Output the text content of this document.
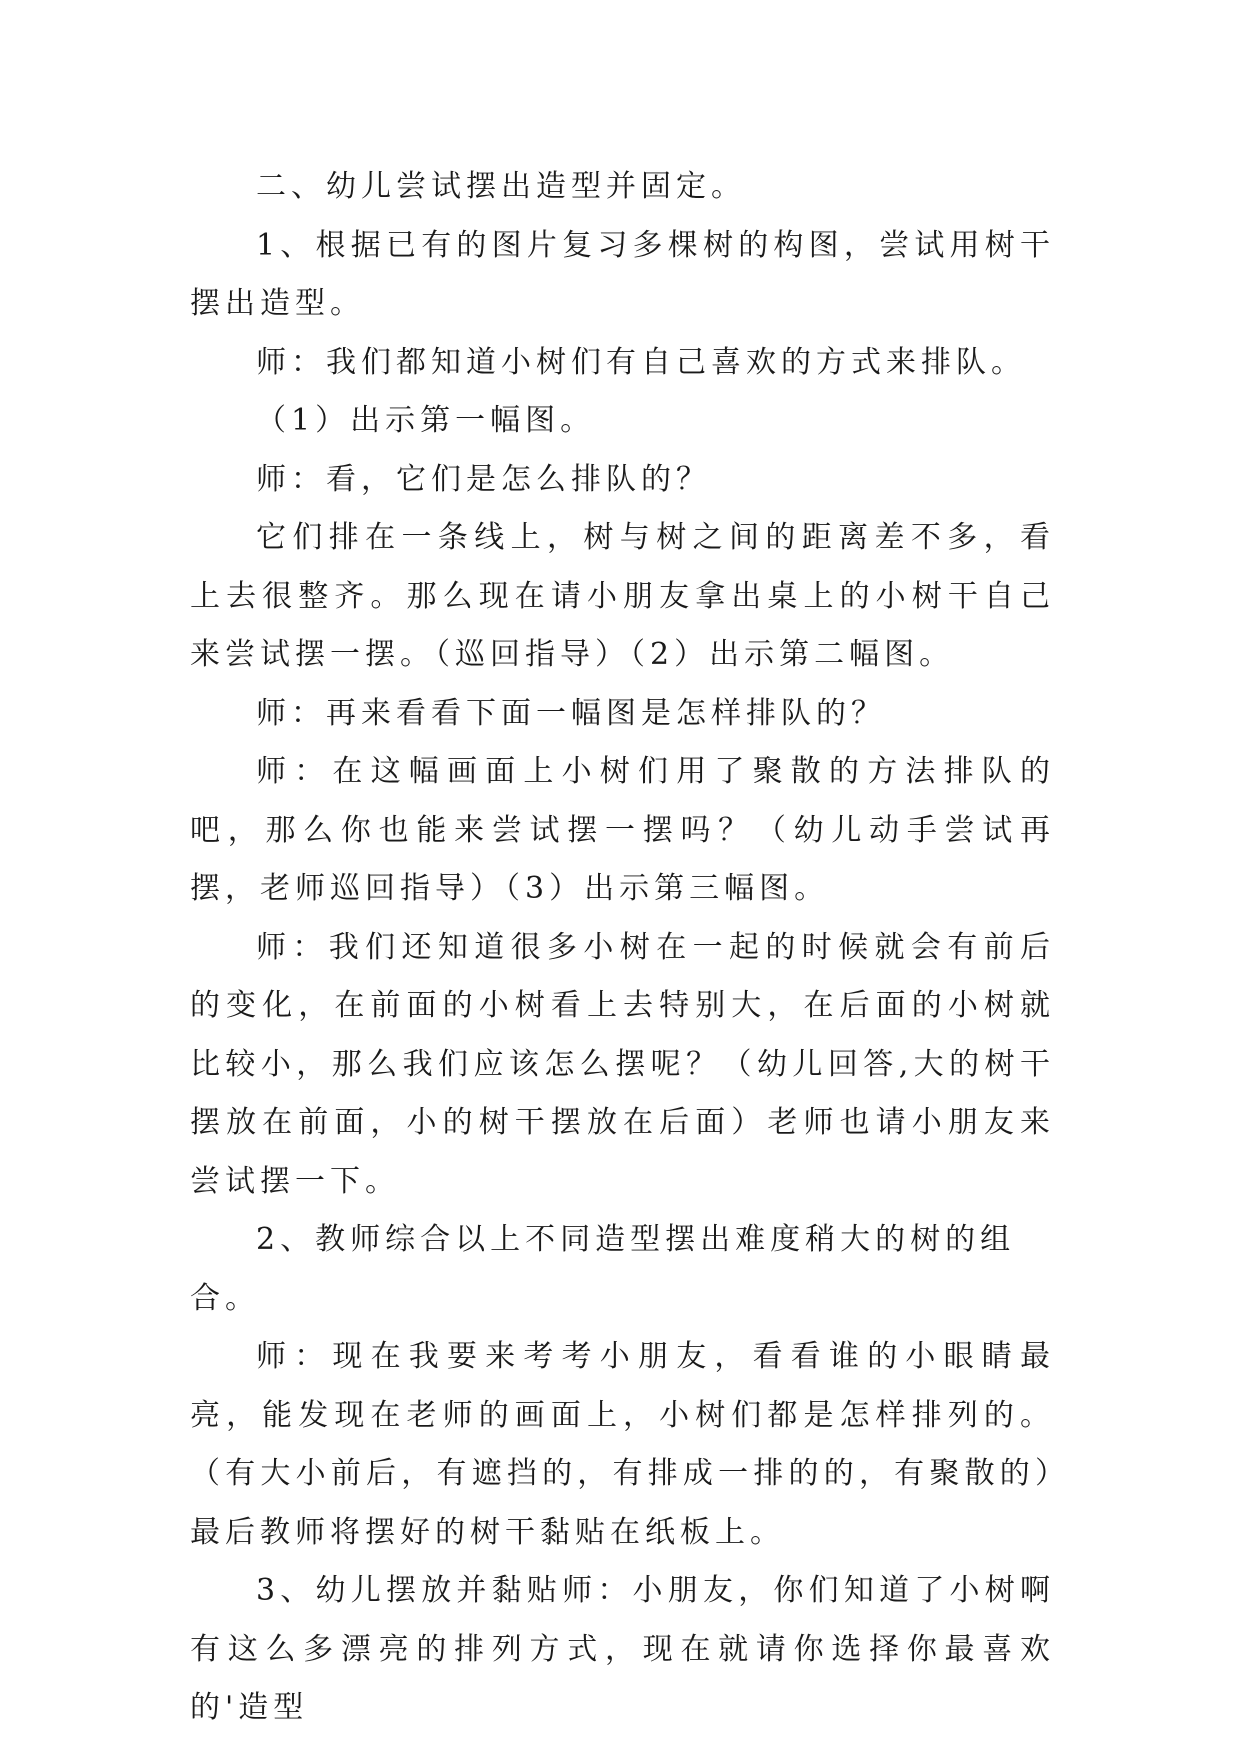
二、幼儿尝试摆出造型并固定。

1、根据已有的图片复习多棵树的构图，尝试用树干摆出造型。

师：我们都知道小树们有自己喜欢的方式来排队。

（1）出示第一幅图。

师：看，它们是怎么排队的？

它们排在一条线上，树与树之间的距离差不多，看上去很整齐。那么现在请小朋友拿出桌上的小树干自己来尝试摆一摆。（巡回指导）（2）出示第二幅图。

师：再来看看下面一幅图是怎样排队的？

师：在这幅画面上小树们用了聚散的方法排队的吧，那么你也能来尝试摆一摆吗？（幼儿动手尝试再摆，老师巡回指导）（3）出示第三幅图。

师：我们还知道很多小树在一起的时候就会有前后的变化，在前面的小树看上去特别大，在后面的小树就比较小，那么我们应该怎么摆呢？（幼儿回答,大的树干摆放在前面，小的树干摆放在后面）老师也请小朋友来尝试摆一下。

2、教师综合以上不同造型摆出难度稍大的树的组合。

师：现在我要来考考小朋友，看看谁的小眼睛最亮，能发现在老师的画面上，小树们都是怎样排列的。（有大小前后，有遮挡的，有排成一排的的，有聚散的）最后教师将摆好的树干黏贴在纸板上。

3、幼儿摆放并黏贴师：小朋友，你们知道了小树啊有这么多漂亮的排列方式，现在就请你选择你最喜欢的'造型
